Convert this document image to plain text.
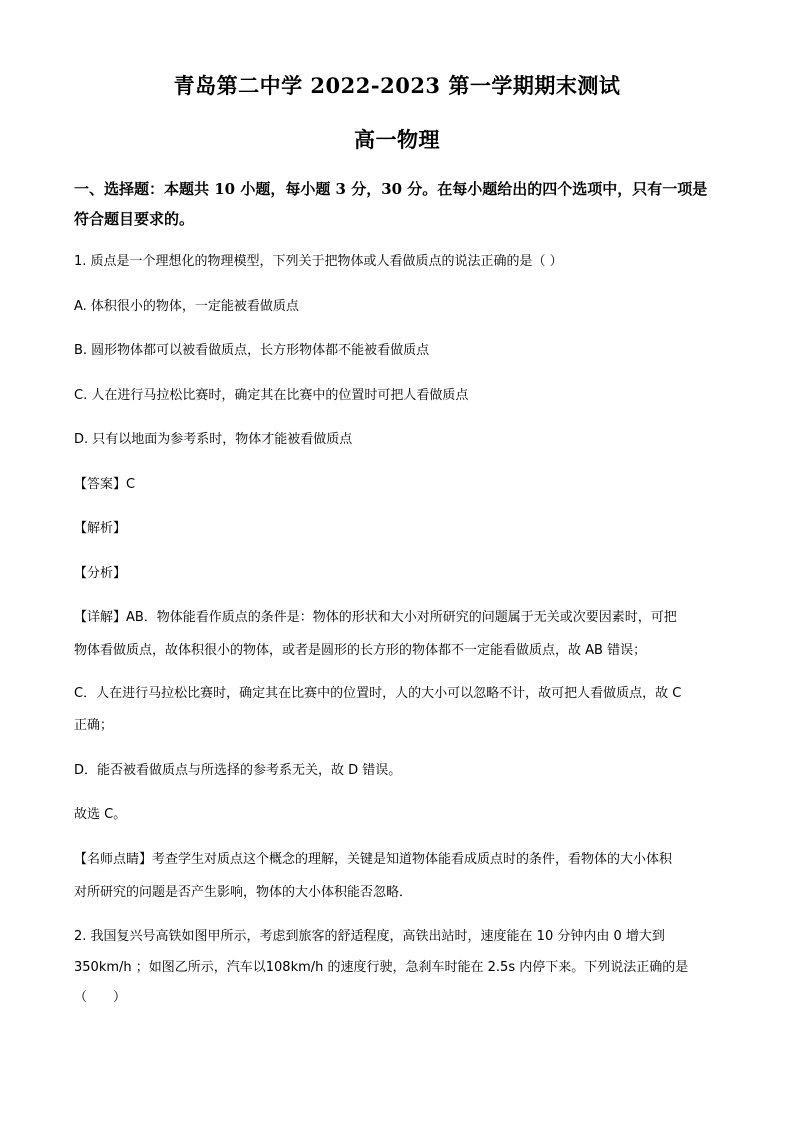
青岛第二中学 2022-2023 第一学期期末测试
高一物理
一、选择题：本题共 10 小题，每小题 3 分，30 分。在每小题给出的四个选项中，只有一项是
符合题目要求的。
1. 质点是一个理想化的物理模型，下列关于把物体或人看做质点的说法正确的是（ ）
A. 体积很小的物体，一定能被看做质点
B. 圆形物体都可以被看做质点，长方形物体都不能被看做质点
C. 人在进行马拉松比赛时，确定其在比赛中的位置时可把人看做质点
D. 只有以地面为参考系时，物体才能被看做质点
【答案】C
【解析】
【分析】
【详解】AB．物体能看作质点的条件是：物体的形状和大小对所研究的问题属于无关或次要因素时，可把
物体看做质点，故体积很小的物体，或者是圆形的长方形的物体都不一定能看做质点，故 AB 错误；
C．人在进行马拉松比赛时，确定其在比赛中的位置时，人的大小可以忽略不计，故可把人看做质点，故 C
正确；
D．能否被看做质点与所选择的参考系无关，故 D 错误。
故选 C。
【名师点睛】考查学生对质点这个概念的理解，关键是知道物体能看成质点时的条件，看物体的大小体积
对所研究的问题是否产生影响，物体的大小体积能否忽略．
2. 我国复兴号高铁如图甲所示，考虑到旅客的舒适程度，高铁出站时，速度能在 10 分钟内由 0 增大到
350km/h ；如图乙所示，汽车以108km/h 的速度行驶，急刹车时能在 2.5s 内停下来。下列说法正确的是
（　　）
